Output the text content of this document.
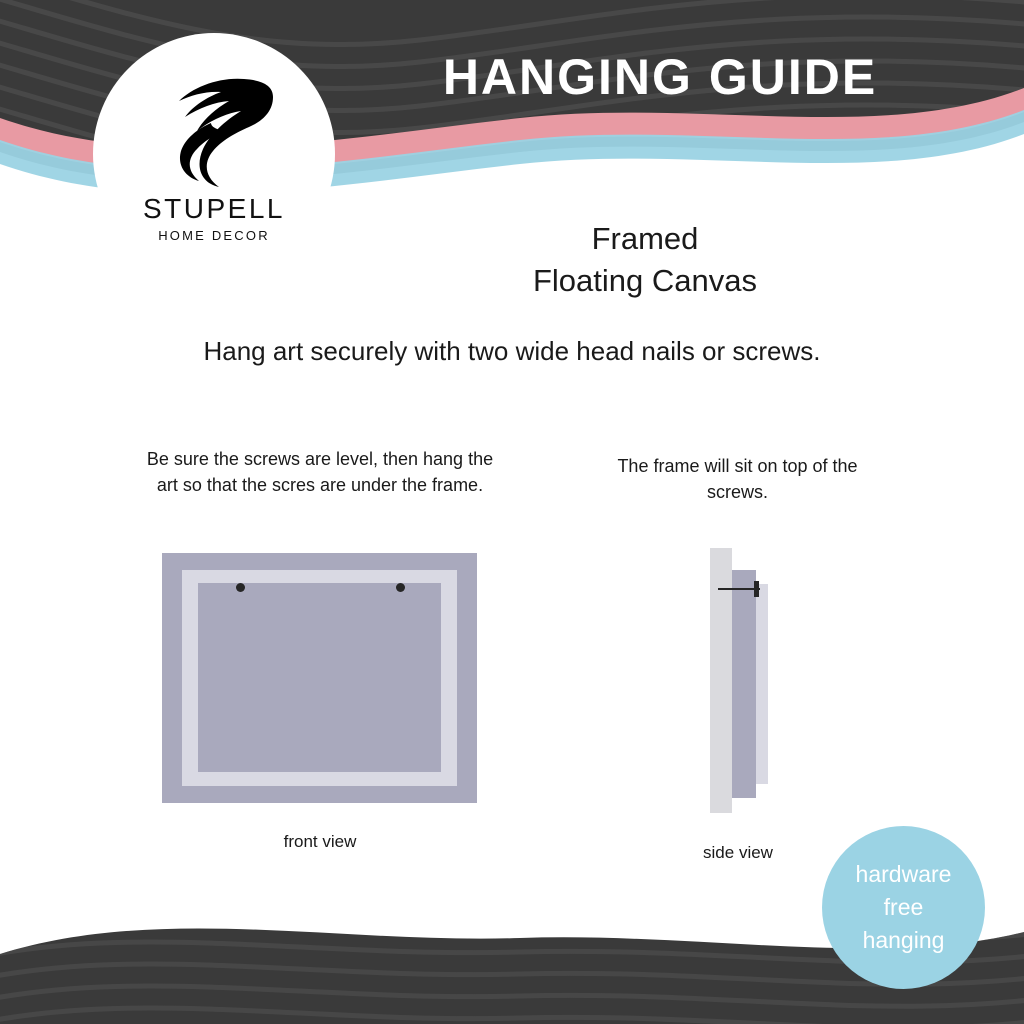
STUPELL
HOME DECOR
HANGING GUIDE
Framed
Floating Canvas
Hang art securely with two wide head nails or screws.
Be sure the screws are level, then hang the art so that the scres are under the frame.
front view
The frame will sit on top of the screws.
side view
hardware
free
hanging
